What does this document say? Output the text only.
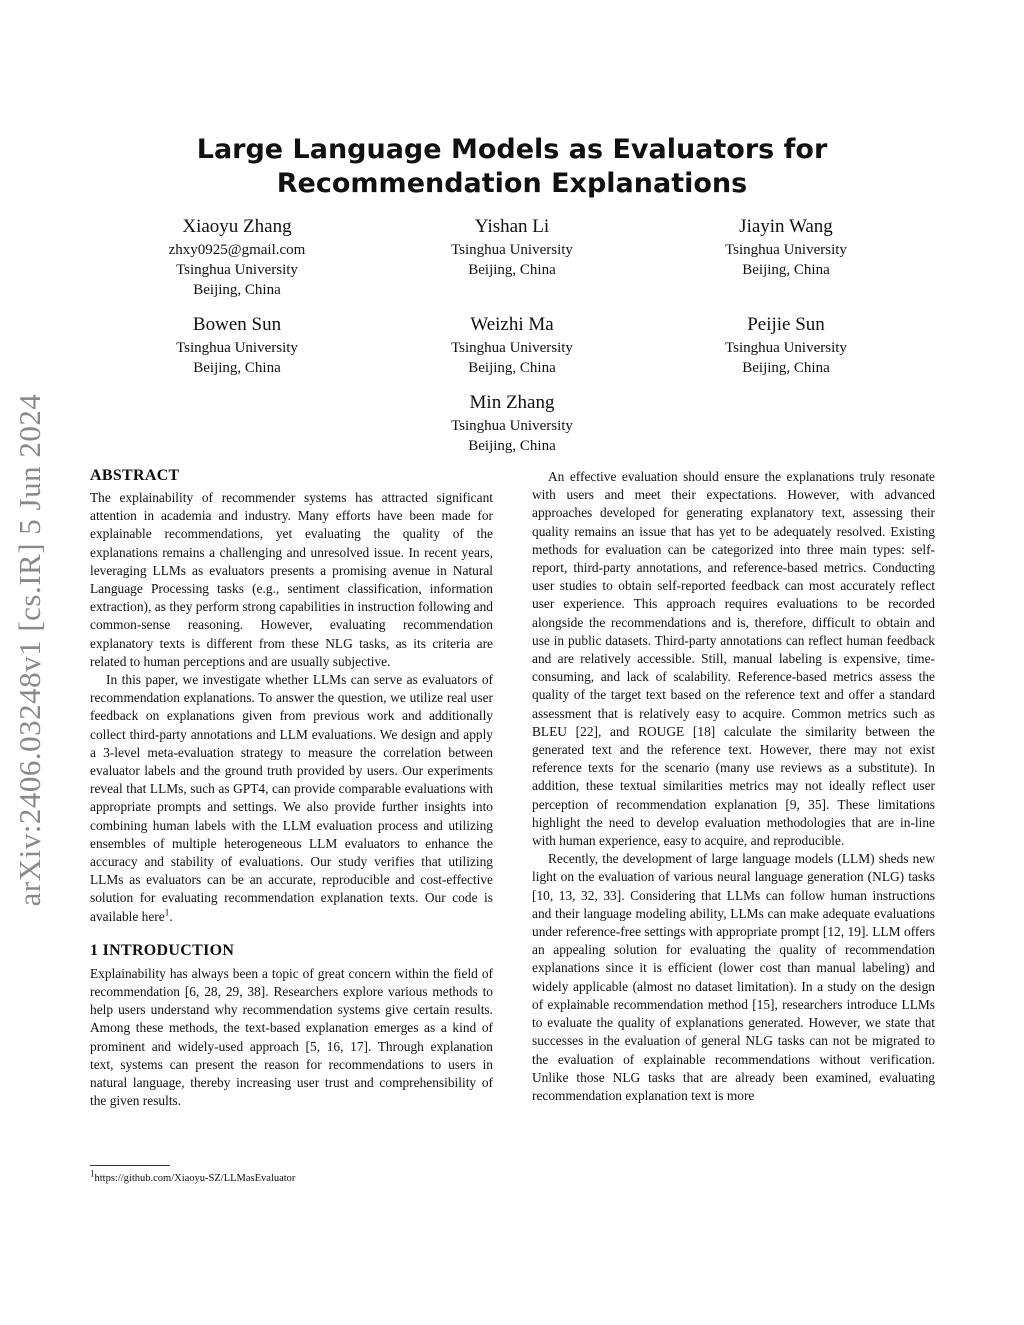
arXiv:2406.03248v1 [cs.IR] 5 Jun 2024
Large Language Models as Evaluators for Recommendation Explanations
Xiaoyu Zhang
zhxy0925@gmail.com
Tsinghua University
Beijing, China
Yishan Li
Tsinghua University
Beijing, China
Jiayin Wang
Tsinghua University
Beijing, China
Bowen Sun
Tsinghua University
Beijing, China
Weizhi Ma
Tsinghua University
Beijing, China
Peijie Sun
Tsinghua University
Beijing, China
Min Zhang
Tsinghua University
Beijing, China
ABSTRACT

The explainability of recommender systems has attracted significant attention in academia and industry. Many efforts have been made for explainable recommendations, yet evaluating the quality of the explanations remains a challenging and unresolved issue. In recent years, leveraging LLMs as evaluators presents a promising avenue in Natural Language Processing tasks (e.g., sentiment classification, information extraction), as they perform strong capabilities in instruction following and common-sense reasoning. However, evaluating recommendation explanatory texts is different from these NLG tasks, as its criteria are related to human perceptions and are usually subjective.

In this paper, we investigate whether LLMs can serve as evaluators of recommendation explanations. To answer the question, we utilize real user feedback on explanations given from previous work and additionally collect third-party annotations and LLM evaluations. We design and apply a 3-level meta-evaluation strategy to measure the correlation between evaluator labels and the ground truth provided by users. Our experiments reveal that LLMs, such as GPT4, can provide comparable evaluations with appropriate prompts and settings. We also provide further insights into combining human labels with the LLM evaluation process and utilizing ensembles of multiple heterogeneous LLM evaluators to enhance the accuracy and stability of evaluations. Our study verifies that utilizing LLMs as evaluators can be an accurate, reproducible and cost-effective solution for evaluating recommendation explanation texts. Our code is available here$^1$.

1 INTRODUCTION

Explainability has always been a topic of great concern within the field of recommendation [6, 28, 29, 38]. Researchers explore various methods to help users understand why recommendation systems give certain results. Among these methods, the text-based explanation emerges as a kind of prominent and widely-used approach [5, 16, 17]. Through explanation text, systems can present the reason for recommendations to users in natural language, thereby increasing user trust and comprehensibility of the given results.

An effective evaluation should ensure the explanations truly resonate with users and meet their expectations. However, with advanced approaches developed for generating explanatory text, assessing their quality remains an issue that has yet to be adequately resolved. Existing methods for evaluation can be categorized into three main types: self-report, third-party annotations, and reference-based metrics. Conducting user studies to obtain self-reported feedback can most accurately reflect user experience. This approach requires evaluations to be recorded alongside the recommendations and is, therefore, difficult to obtain and use in public datasets. Third-party annotations can reflect human feedback and are relatively accessible. Still, manual labeling is expensive, time-consuming, and lack of scalability. Reference-based metrics assess the quality of the target text based on the reference text and offer a standard assessment that is relatively easy to acquire. Common metrics such as BLEU [22], and ROUGE [18] calculate the similarity between the generated text and the reference text. However, there may not exist reference texts for the scenario (many use reviews as a substitute). In addition, these textual similarities metrics may not ideally reflect user perception of recommendation explanation [9, 35]. These limitations highlight the need to develop evaluation methodologies that are in-line with human experience, easy to acquire, and reproducible.

Recently, the development of large language models (LLM) sheds new light on the evaluation of various neural language generation (NLG) tasks [10, 13, 32, 33]. Considering that LLMs can follow human instructions and their language modeling ability, LLMs can make adequate evaluations under reference-free settings with appropriate prompt [12, 19]. LLM offers an appealing solution for evaluating the quality of recommendation explanations since it is efficient (lower cost than manual labeling) and widely applicable (almost no dataset limitation). In a study on the design of explainable recommendation method [15], researchers introduce LLMs to evaluate the quality of explanations generated. However, we state that successes in the evaluation of general NLG tasks can not be migrated to the evaluation of explainable recommendations without verification. Unlike those NLG tasks that are already been examined, evaluating recommendation explanation text is more

$^1$https://github.com/Xiaoyu-SZ/LLMasEvaluator
